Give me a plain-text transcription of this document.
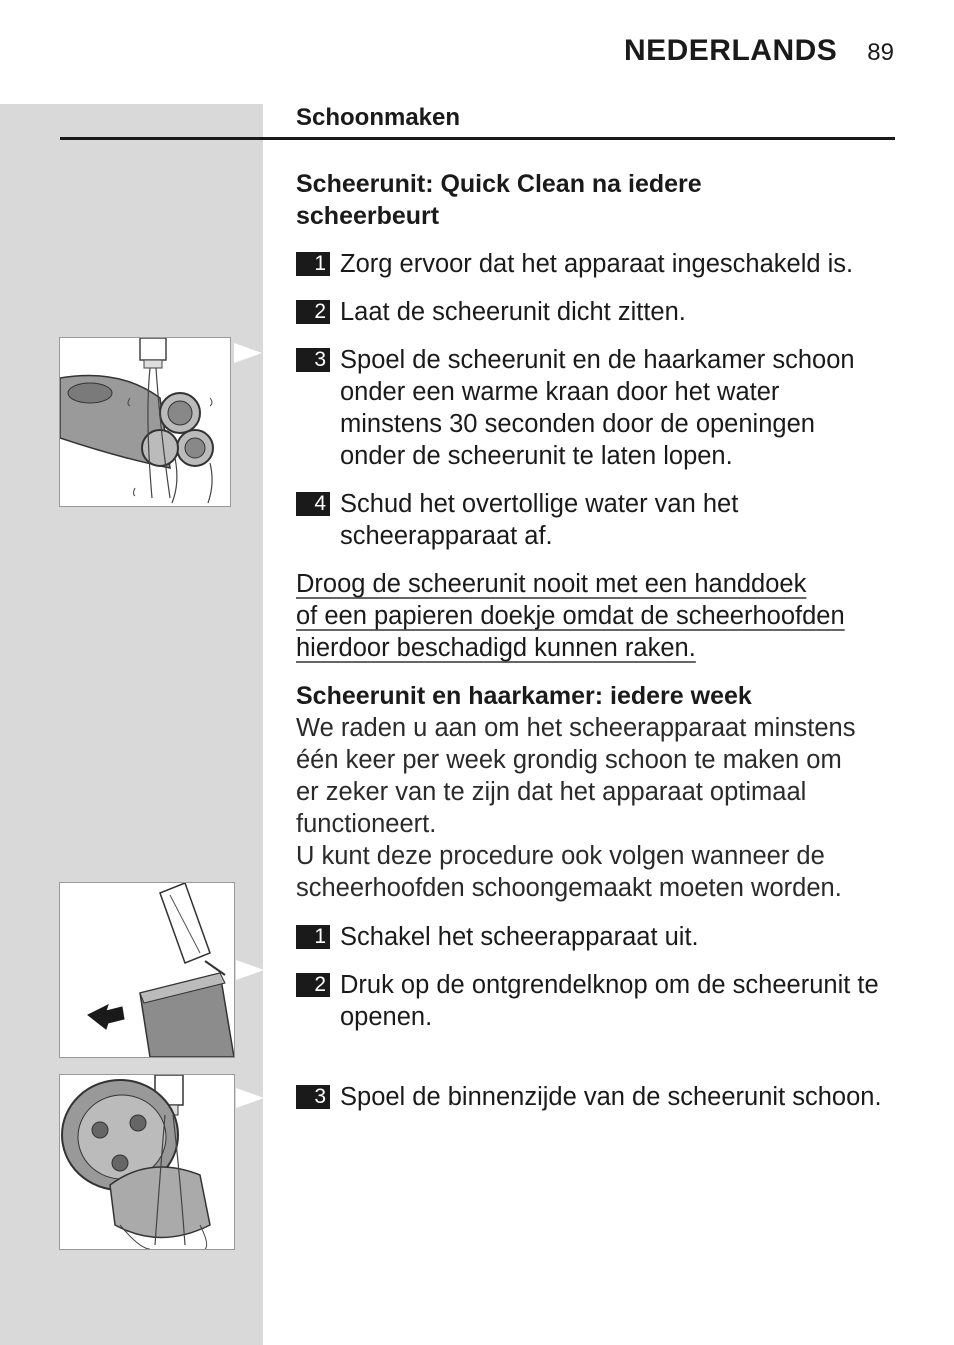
NEDERLANDS 89
Schoonmaken
Scheerunit: Quick Clean na iedere
scheerbeurt
1 Zorg ervoor dat het apparaat ingeschakeld is.
2 Laat de scheerunit dicht zitten.
3 Spoel de scheerunit en de haarkamer schoon onder een warme kraan door het water minstens 30 seconden door de openingen onder de scheerunit te laten lopen.
4 Schud het overtollige water van het scheerapparaat af.
Droog de scheerunit nooit met een handdoek
of een papieren doekje omdat de scheerhoofden
hierdoor beschadigd kunnen raken.
Scheerunit en haarkamer: iedere week
We raden u aan om het scheerapparaat minstens
één keer per week grondig schoon te maken om
er zeker van te zijn dat het apparaat optimaal
functioneert.
U kunt deze procedure ook volgen wanneer de
scheerhoofden schoongemaakt moeten worden.
1 Schakel het scheerapparaat uit.
2 Druk op de ontgrendelknop om de scheerunit te openen.
3 Spoel de binnenzijde van de scheerunit schoon.
